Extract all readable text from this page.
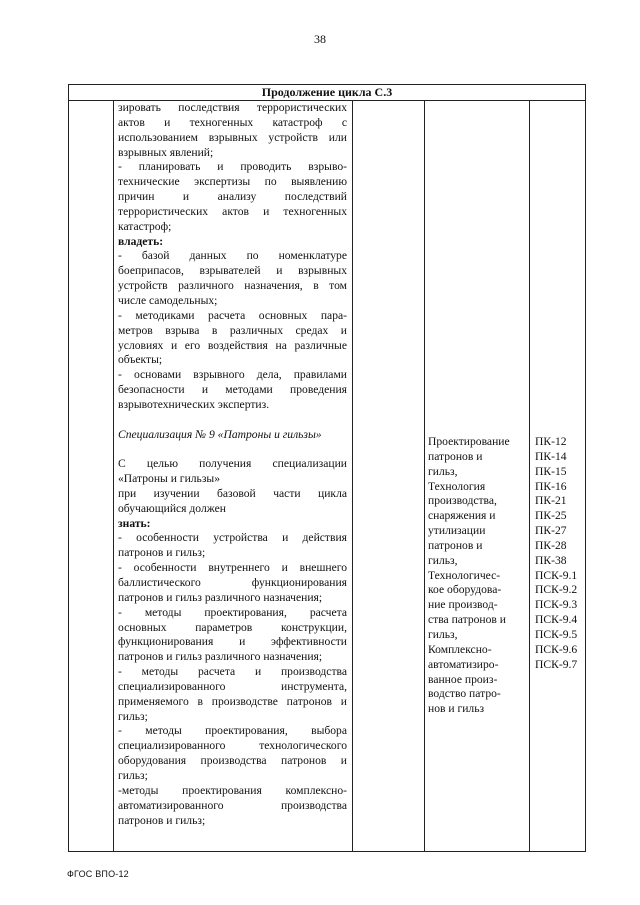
38
Продолжение цикла С.3
зировать последствия террористических
актов и техногенных катастроф с
использованием взрывных устройств или
взрывных явлений;
- планировать и проводить взрыво-
технические экспертизы по выявлению
причин и анализу последствий
террористических актов и техногенных
катастроф;
владеть:
- базой данных по номенклатуре
боеприпасов, взрывателей и взрывных
устройств различного назначения, в том
числе самодельных;
- методиками расчета основных пара-
метров взрыва в различных средах и
условиях и его воздействия на различные
объекты;
- основами взрывного дела, правилами
безопасности и методами проведения
взрывотехнических экспертиз.
Специализация № 9 «Патроны и гильзы»
С целью получения специализации
«Патроны и гильзы»
при изучении базовой части цикла
обучающийся должен
знать:
- особенности устройства и действия
патронов и гильз;
- особенности внутреннего и внешнего
баллистического функционирования
патронов и гильз различного назначения;
- методы проектирования, расчета
основных параметров конструкции,
функционирования и эффективности
патронов и гильз различного назначения;
- методы расчета и производства
специализированного инструмента,
применяемого в производстве патронов и
гильз;
- методы проектирования, выбора
специализированного технологического
оборудования производства патронов и
гильз;
-методы проектирования комплексно-
автоматизированного производства
патронов и гильз;
Проектирование
патронов и
гильз,
Технология
производства,
снаряжения и
утилизации
патронов и
гильз,
Технологичес-
кое оборудова-
ние производ-
ства патронов и
гильз,
Комплексно-
автоматизиро-
ванное произ-
водство патро-
нов и гильз
ПК-12
ПК-14
ПК-15
ПК-16
ПК-21
ПК-25
ПК-27
ПК-28
ПК-38
ПСК-9.1
ПСК-9.2
ПСК-9.3
ПСК-9.4
ПСК-9.5
ПСК-9.6
ПСК-9.7
ФГОС ВПО-12
